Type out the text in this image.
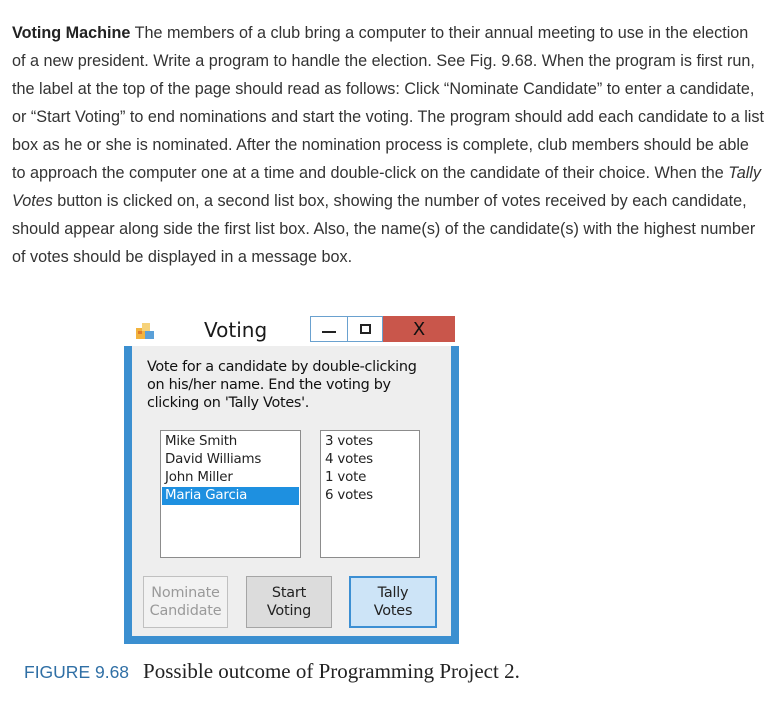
Voting Machine The members of a club bring a computer to their annual meeting to use in the election of a new president. Write a program to handle the election. See Fig. 9.68. When the program is first run, the label at the top of the page should read as follows: Click “Nominate Candidate” to enter a candidate, or “Start Voting” to end nominations and start the voting. The program should add each candidate to a list box as he or she is nominated. After the nomination process is complete, club members should be able to approach the computer one at a time and double-click on the candidate of their choice. When the Tally Votes button is clicked on, a second list box, showing the number of votes received by each candidate, should appear along side the first list box. Also, the name(s) of the candidate(s) with the highest number of votes should be displayed in a message box.
Voting	X
Vote for a candidate by double-clicking on his/her name. End the voting by clicking on 'Tally Votes'.
Mike Smith
David Williams
John Miller
Maria Garcia
3 votes
4 votes
1 vote
6 votes
Nominate
Candidate
Start
Voting
Tally
Votes
FIGURE 9.68 Possible outcome of Programming Project 2.
